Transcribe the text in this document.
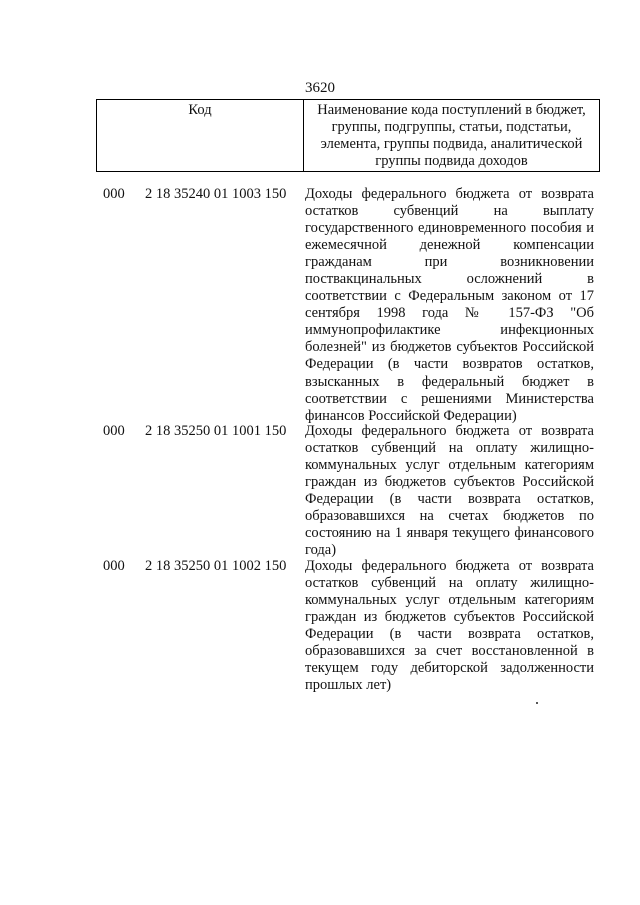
3620
Код	Наименование кода поступлений в бюджет, группы, подгруппы, статьи, подстатьи, элемента, группы подвида, аналитической группы подвида доходов
000	2 18 35240 01 1003 150	Доходы федерального бюджета от возврата остатков субвенций на выплату государственного единовременного пособия и ежемесячной денежной компенсации гражданам при возникновении поствакцинальных осложнений в соответствии с Федеральным законом от 17 сентября 1998 года № 157-ФЗ "Об иммунопрофилактике инфекционных болезней" из бюджетов субъектов Российской Федерации (в части возвратов остатков, взысканных в федеральный бюджет в соответствии с решениями Министерства финансов Российской Федерации)
000	2 18 35250 01 1001 150	Доходы федерального бюджета от возврата остатков субвенций на оплату жилищно-коммунальных услуг отдельным категориям граждан из бюджетов субъектов Российской Федерации (в части возврата остатков, образовавшихся на счетах бюджетов по состоянию на 1 января текущего финансового года)
000	2 18 35250 01 1002 150	Доходы федерального бюджета от возврата остатков субвенций на оплату жилищно-коммунальных услуг отдельным категориям граждан из бюджетов субъектов Российской Федерации (в части возврата остатков, образовавшихся за счет восстановленной в текущем году дебиторской задолженности прошлых лет)
